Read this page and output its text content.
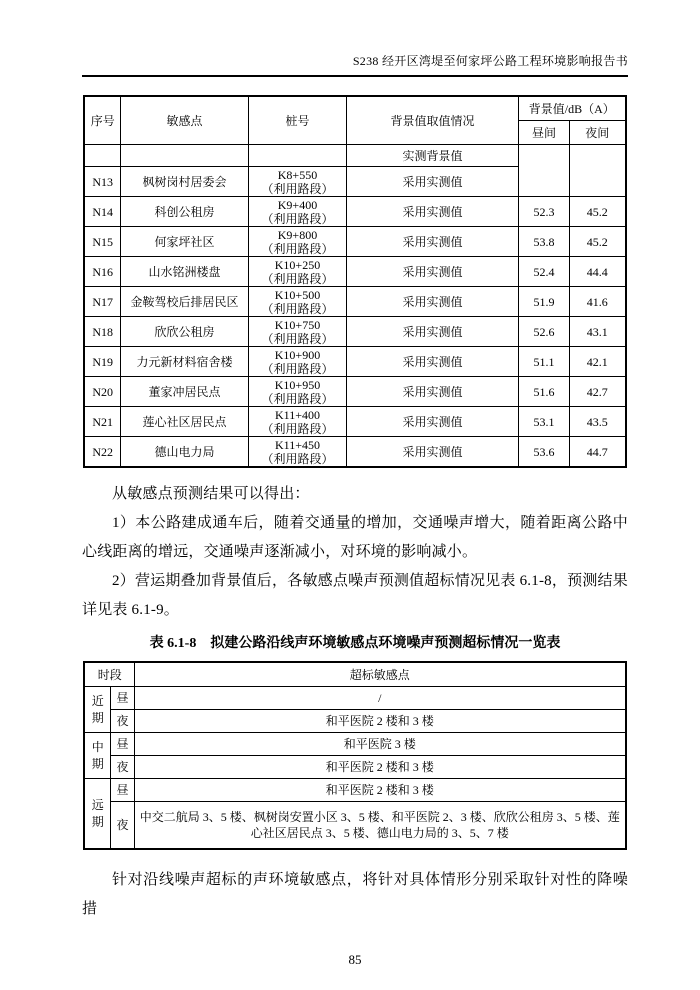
S238 经开区湾堤至何家坪公路工程环境影响报告书
序号	敏感点	桩号	背景值取值情况	背景值/dB（A）	
				昼间	夜间
			实测背景值		
N13	枫树岗村居委会	K8+550
（利用路段）	采用实测值		
N14	科创公租房	K9+400
（利用路段）	采用实测值	52.3	45.2
N15	何家坪社区	K9+800
（利用路段）	采用实测值	53.8	45.2
N16	山水铭洲楼盘	K10+250
（利用路段）	采用实测值	52.4	44.4
N17	金鞍驾校后排居民区	K10+500
（利用路段）	采用实测值	51.9	41.6
N18	欣欣公租房	K10+750
（利用路段）	采用实测值	52.6	43.1
N19	力元新材料宿舍楼	K10+900
（利用路段）	采用实测值	51.1	42.1
N20	董家冲居民点	K10+950
（利用路段）	采用实测值	51.6	42.7
N21	莲心社区居民点	K11+400
（利用路段）	采用实测值	53.1	43.5
N22	德山电力局	K11+450
（利用路段）	采用实测值	53.6	44.7

从敏感点预测结果可以得出：

1）本公路建成通车后，随着交通量的增加，交通噪声增大，随着距离公路中心线距离的增远，交通噪声逐渐减小，对环境的影响减小。

2）营运期叠加背景值后，各敏感点噪声预测值超标情况见表 6.1-8，预测结果详见表 6.1-9。

表 6.1-8　拟建公路沿线声环境敏感点环境噪声预测超标情况一览表
时段		超标敏感点
近期	昼	/
	夜	和平医院 2 楼和 3 楼
中期	昼	和平医院 3 楼
	夜	和平医院 2 楼和 3 楼
远期	昼	和平医院 2 楼和 3 楼
	夜	中交二航局 3、5 楼、枫树岗安置小区 3、5 楼、和平医院 2、3 楼、欣欣公租房 3、5 楼、莲心社区居民点 3、5 楼、德山电力局的 3、5、7 楼

针对沿线噪声超标的声环境敏感点，将针对具体情形分别采取针对性的降噪措

85
